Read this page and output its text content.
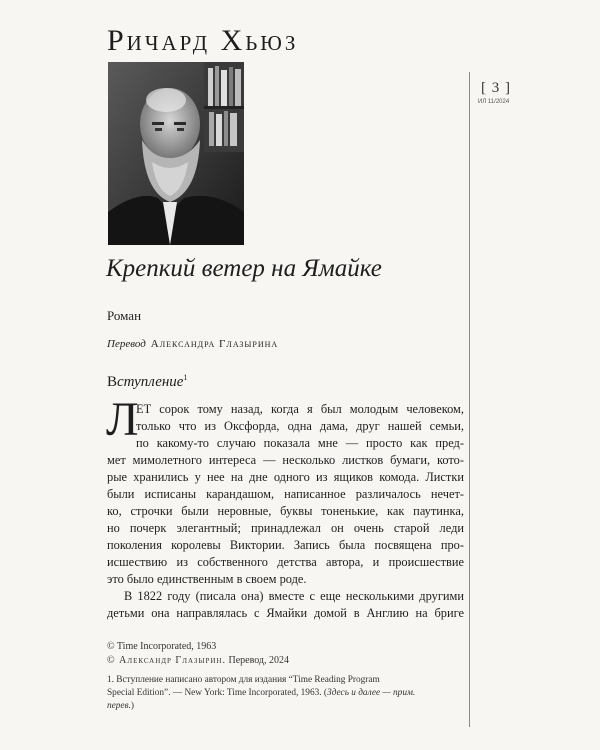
Ричард Хьюз
[ 3 ]
ИЛ 11/2024
Крепкий ветер на Ямайке
Роман
Перевод Александра Глазырина
Вступление$^1$
Л
ЕТ сорок тому назад, когда я был молодым человеком,
только что из Оксфорда, одна дама, друг нашей семьи,
по какому-то случаю показала мне — просто как пред-
мет мимолетного интереса — несколько листков бумаги, кото-
рые хранились у нее на дне одного из ящиков комода. Листки
были исписаны карандашом, написанное различалось нечет-
ко, строчки были неровные, буквы тоненькие, как паутинка,
но почерк элегантный; принадлежал он очень старой леди
поколения королевы Виктории. Запись была посвящена про-
исшествию из собственного детства автора, и происшествие
это было единственным в своем роде.
В 1822 году (писала она) вместе с еще несколькими другими
детьми она направлялась с Ямайки домой в Англию на бриге
© Time Incorporated, 1963
© Александр Глазырин. Перевод, 2024
1. Вступление написано автором для издания “Time Reading Program
Special Edition”. — New York: Time Incorporated, 1963. (Здесь и далее — прим.
перев.)
